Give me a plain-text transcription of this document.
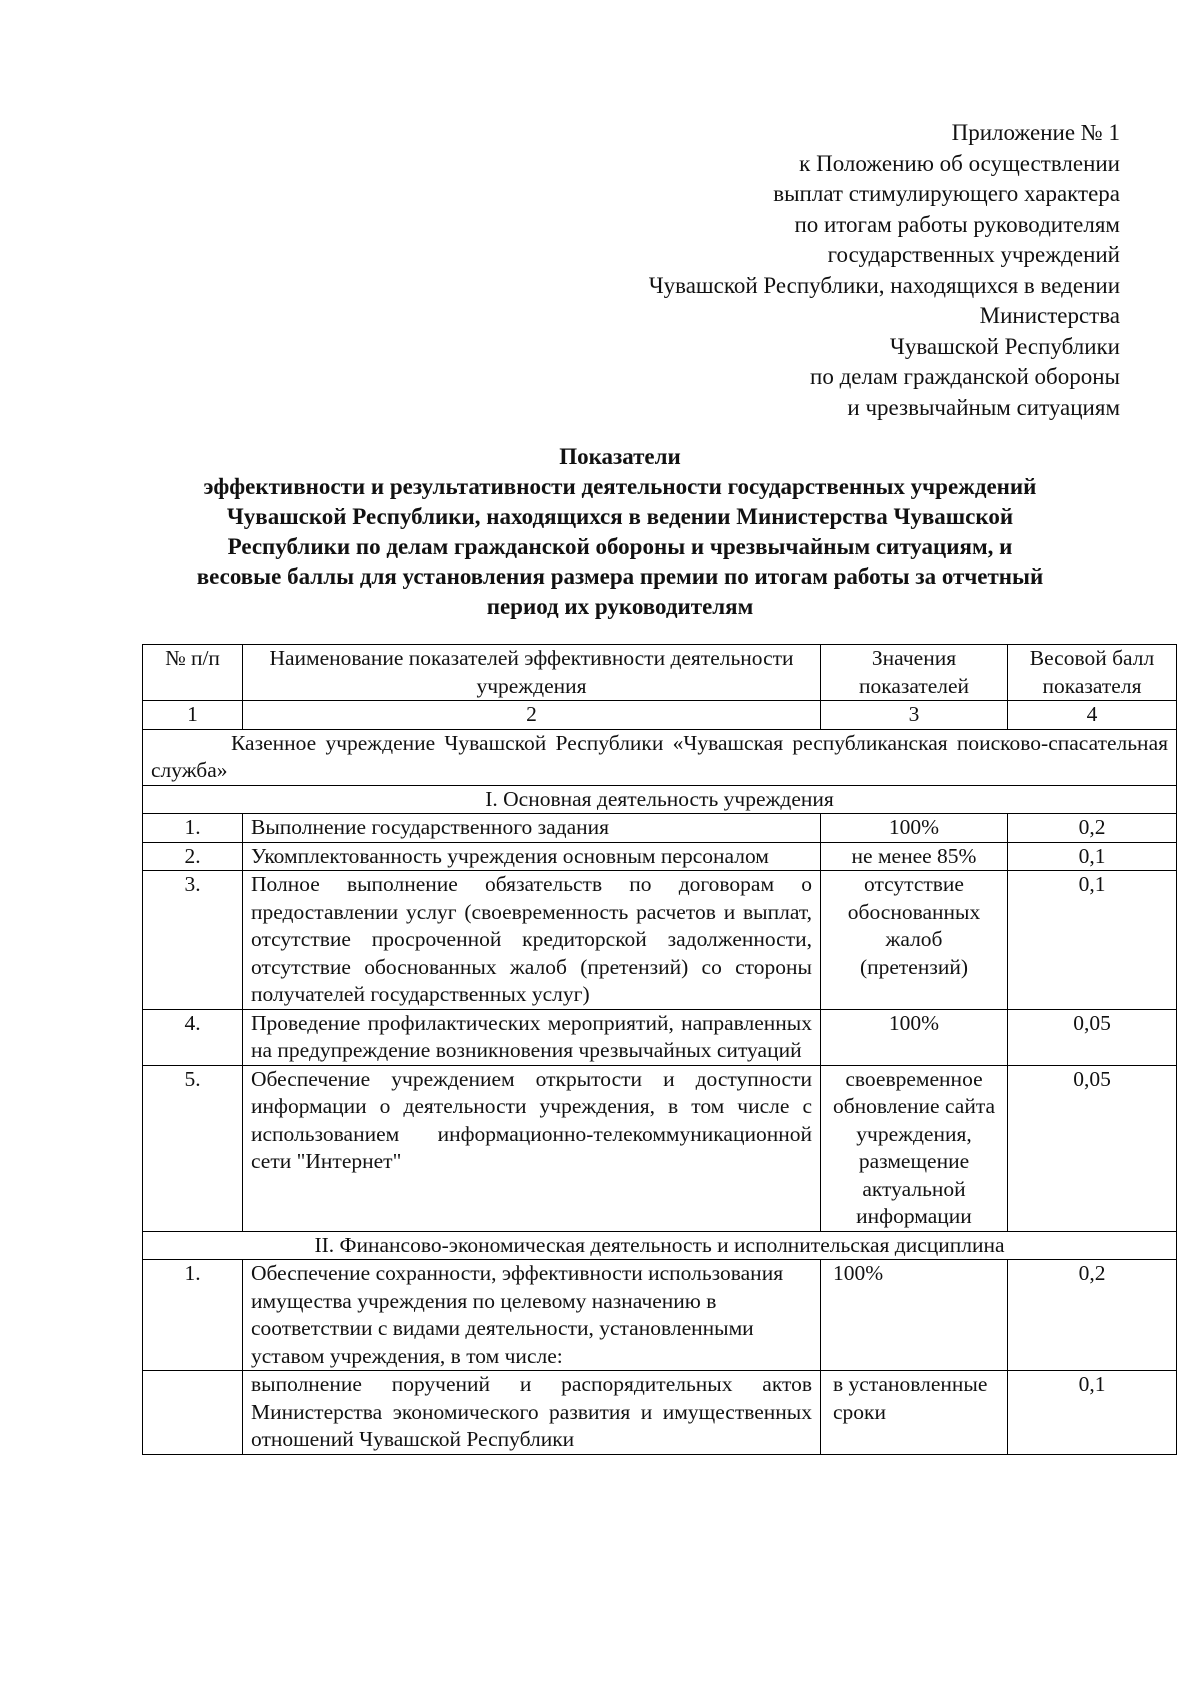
Приложение № 1
к Положению об осуществлении
выплат стимулирующего характера
по итогам работы руководителям
государственных учреждений
Чувашской Республики, находящихся в ведении
Министерства
Чувашской Республики
по делам гражданской обороны
и чрезвычайным ситуациям
Показатели
эффективности и результативности деятельности государственных учреждений
Чувашской Республики, находящихся в ведении Министерства Чувашской
Республики по делам гражданской обороны и чрезвычайным ситуациям, и
весовые баллы для установления размера премии по итогам работы за отчетный
период их руководителям
№ п/п	Наименование показателей эффективности деятельности учреждения	Значения показателей	Весовой балл показателя
1	2	3	4
Казенное учреждение Чувашской Республики «Чувашская республиканская поисково-спасательная служба»			
I. Основная деятельность учреждения			
1.	Выполнение государственного задания	100%	0,2
2.	Укомплектованность учреждения основным персоналом	не менее 85%	0,1
3.	Полное выполнение обязательств по договорам о предоставлении услуг (своевременность расчетов и выплат, отсутствие просроченной кредиторской задолженности, отсутствие обоснованных жалоб (претензий) со стороны получателей государственных услуг)	отсутствие обоснованных жалоб (претензий)	0,1
4.	Проведение профилактических мероприятий, направленных на предупреждение возникновения чрезвычайных ситуаций	100%	0,05
5.	Обеспечение учреждением открытости и доступности информации о деятельности учреждения, в том числе с использованием информационно-телекоммуникационной сети "Интернет"	своевременное обновление сайта учреждения, размещение актуальной информации	0,05
II. Финансово-экономическая деятельность и исполнительская дисциплина			
1.	Обеспечение сохранности, эффективности использования имущества учреждения по целевому назначению в соответствии с видами деятельности, установленными уставом учреждения, в том числе:	100%	0,2
	выполнение поручений и распорядительных актов Министерства экономического развития и имущественных отношений Чувашской Республики	в установленные сроки	0,1
